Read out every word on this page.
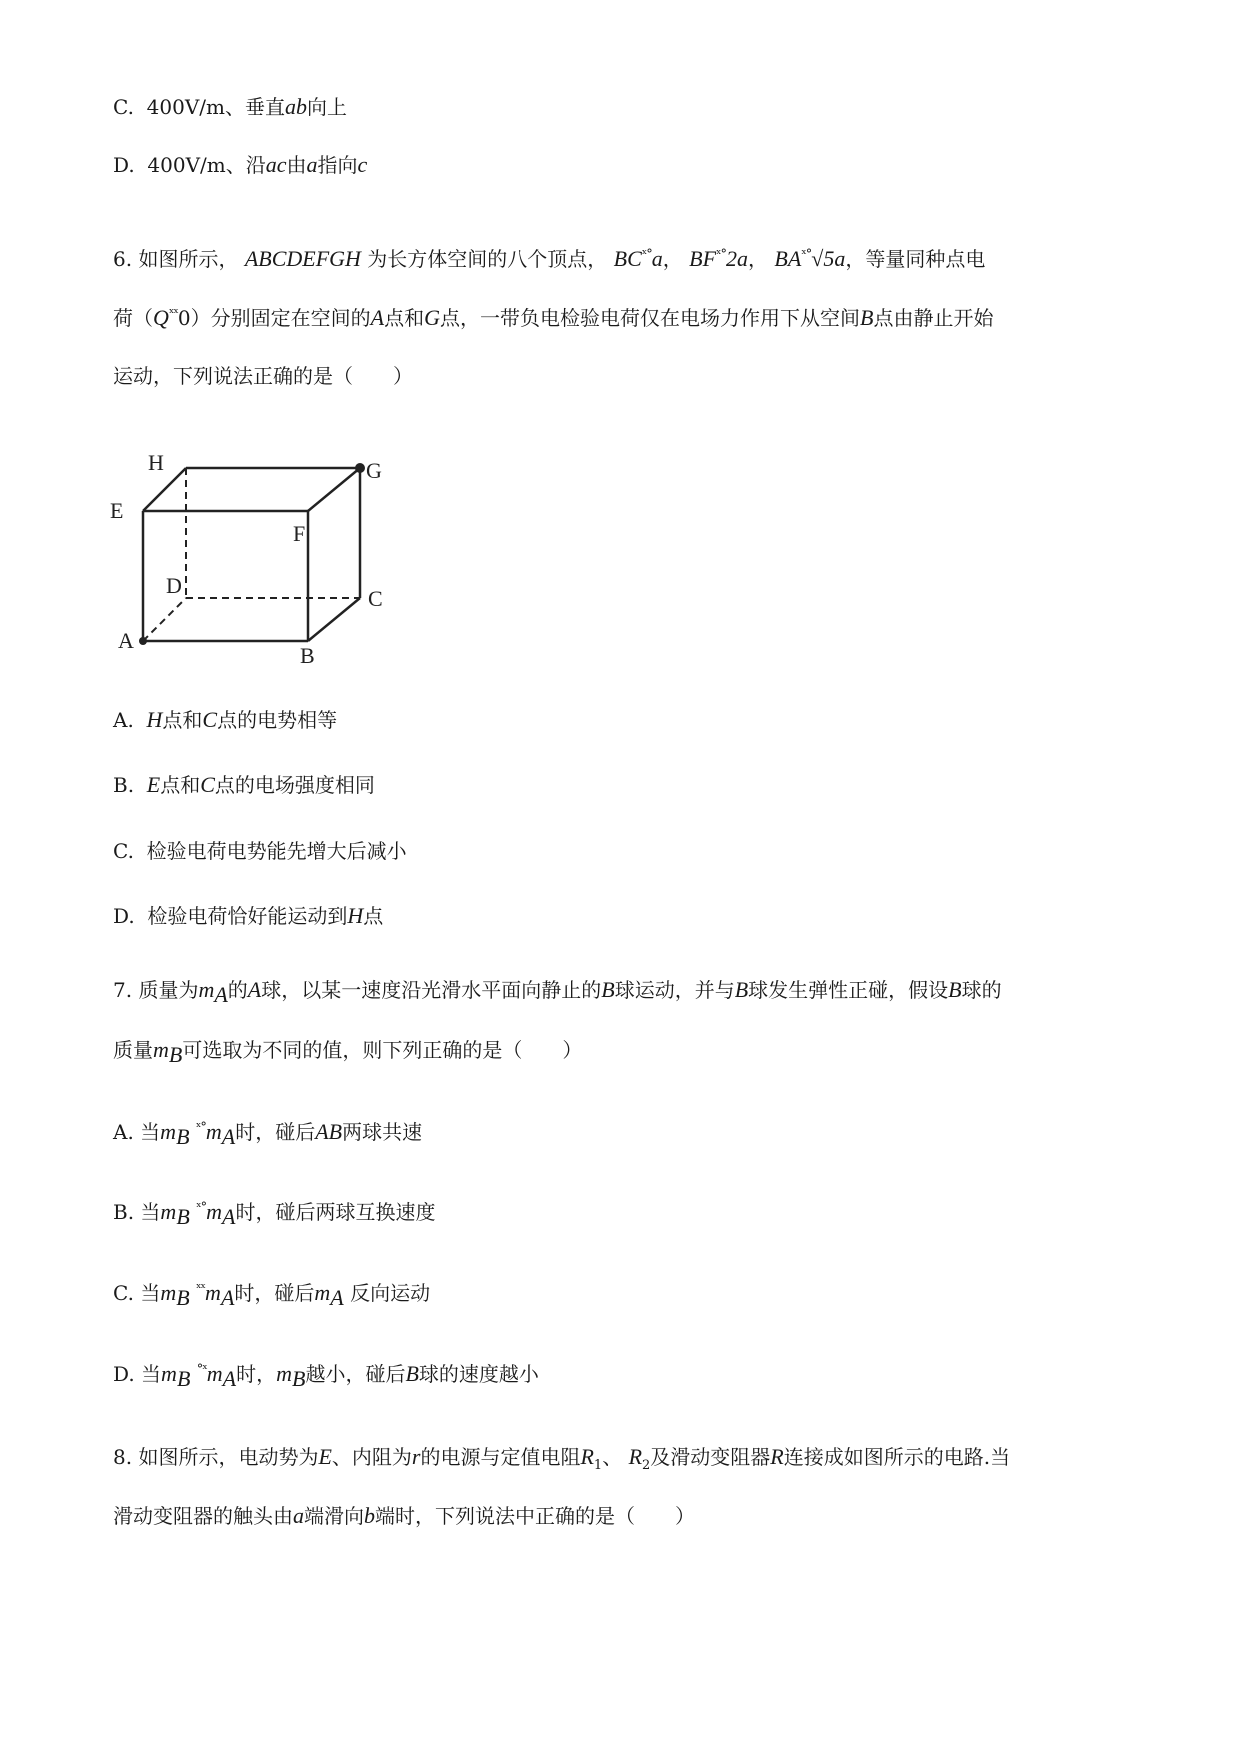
C. 400V/m、垂直ab向上
D. 400V/m、沿ac由a指向c
6. 如图所示， ABCDEFGH 为长方体空间的八个顶点， $BC^{ˣ^\circ}a$， $BF^{ˣ^\circ}2a$， $BA^{ˣ^\circ}√5a$，等量同种点电
荷$(Q^{ˣˣ}0)$分别固定在空间的A点和G点，一带负电检验电荷仅在电场力作用下从空间B点由静止开始
运动，下列说法正确的是（　　）
H	G
E
F
D
C
A
B
A. H点和C点的电势相等
B. E点和C点的电场强度相同
C. 检验电荷电势能先增大后减小
D. 检验电荷恰好能运动到H点
7. 质量为$m_A$的A球，以某一速度沿光滑水平面向静止的B球运动，并与B球发生弹性正碰，假设B球的
质量$m_B$可选取为不同的值，则下列正确的是（　　）
A. 当$m_B$ $^{ˣ^\circ}m_A$时，碰后AB两球共速
B. 当$m_B$ $^{ˣ^\circ}m_A$时，碰后两球互换速度
C. 当$m_B$ $^{ˣˣ}m_A$时，碰后$m_A$ 反向运动
D. 当$m_B$ $^{^\circ ˣ}m_A$时，$m_B$越小，碰后B球的速度越小
8. 如图所示，电动势为E、内阻为r的电源与定值电阻$R_1$、 $R_2$及滑动变阻器R连接成如图所示的电路.当
滑动变阻器的触头由a端滑向b端时，下列说法中正确的是（　　）
